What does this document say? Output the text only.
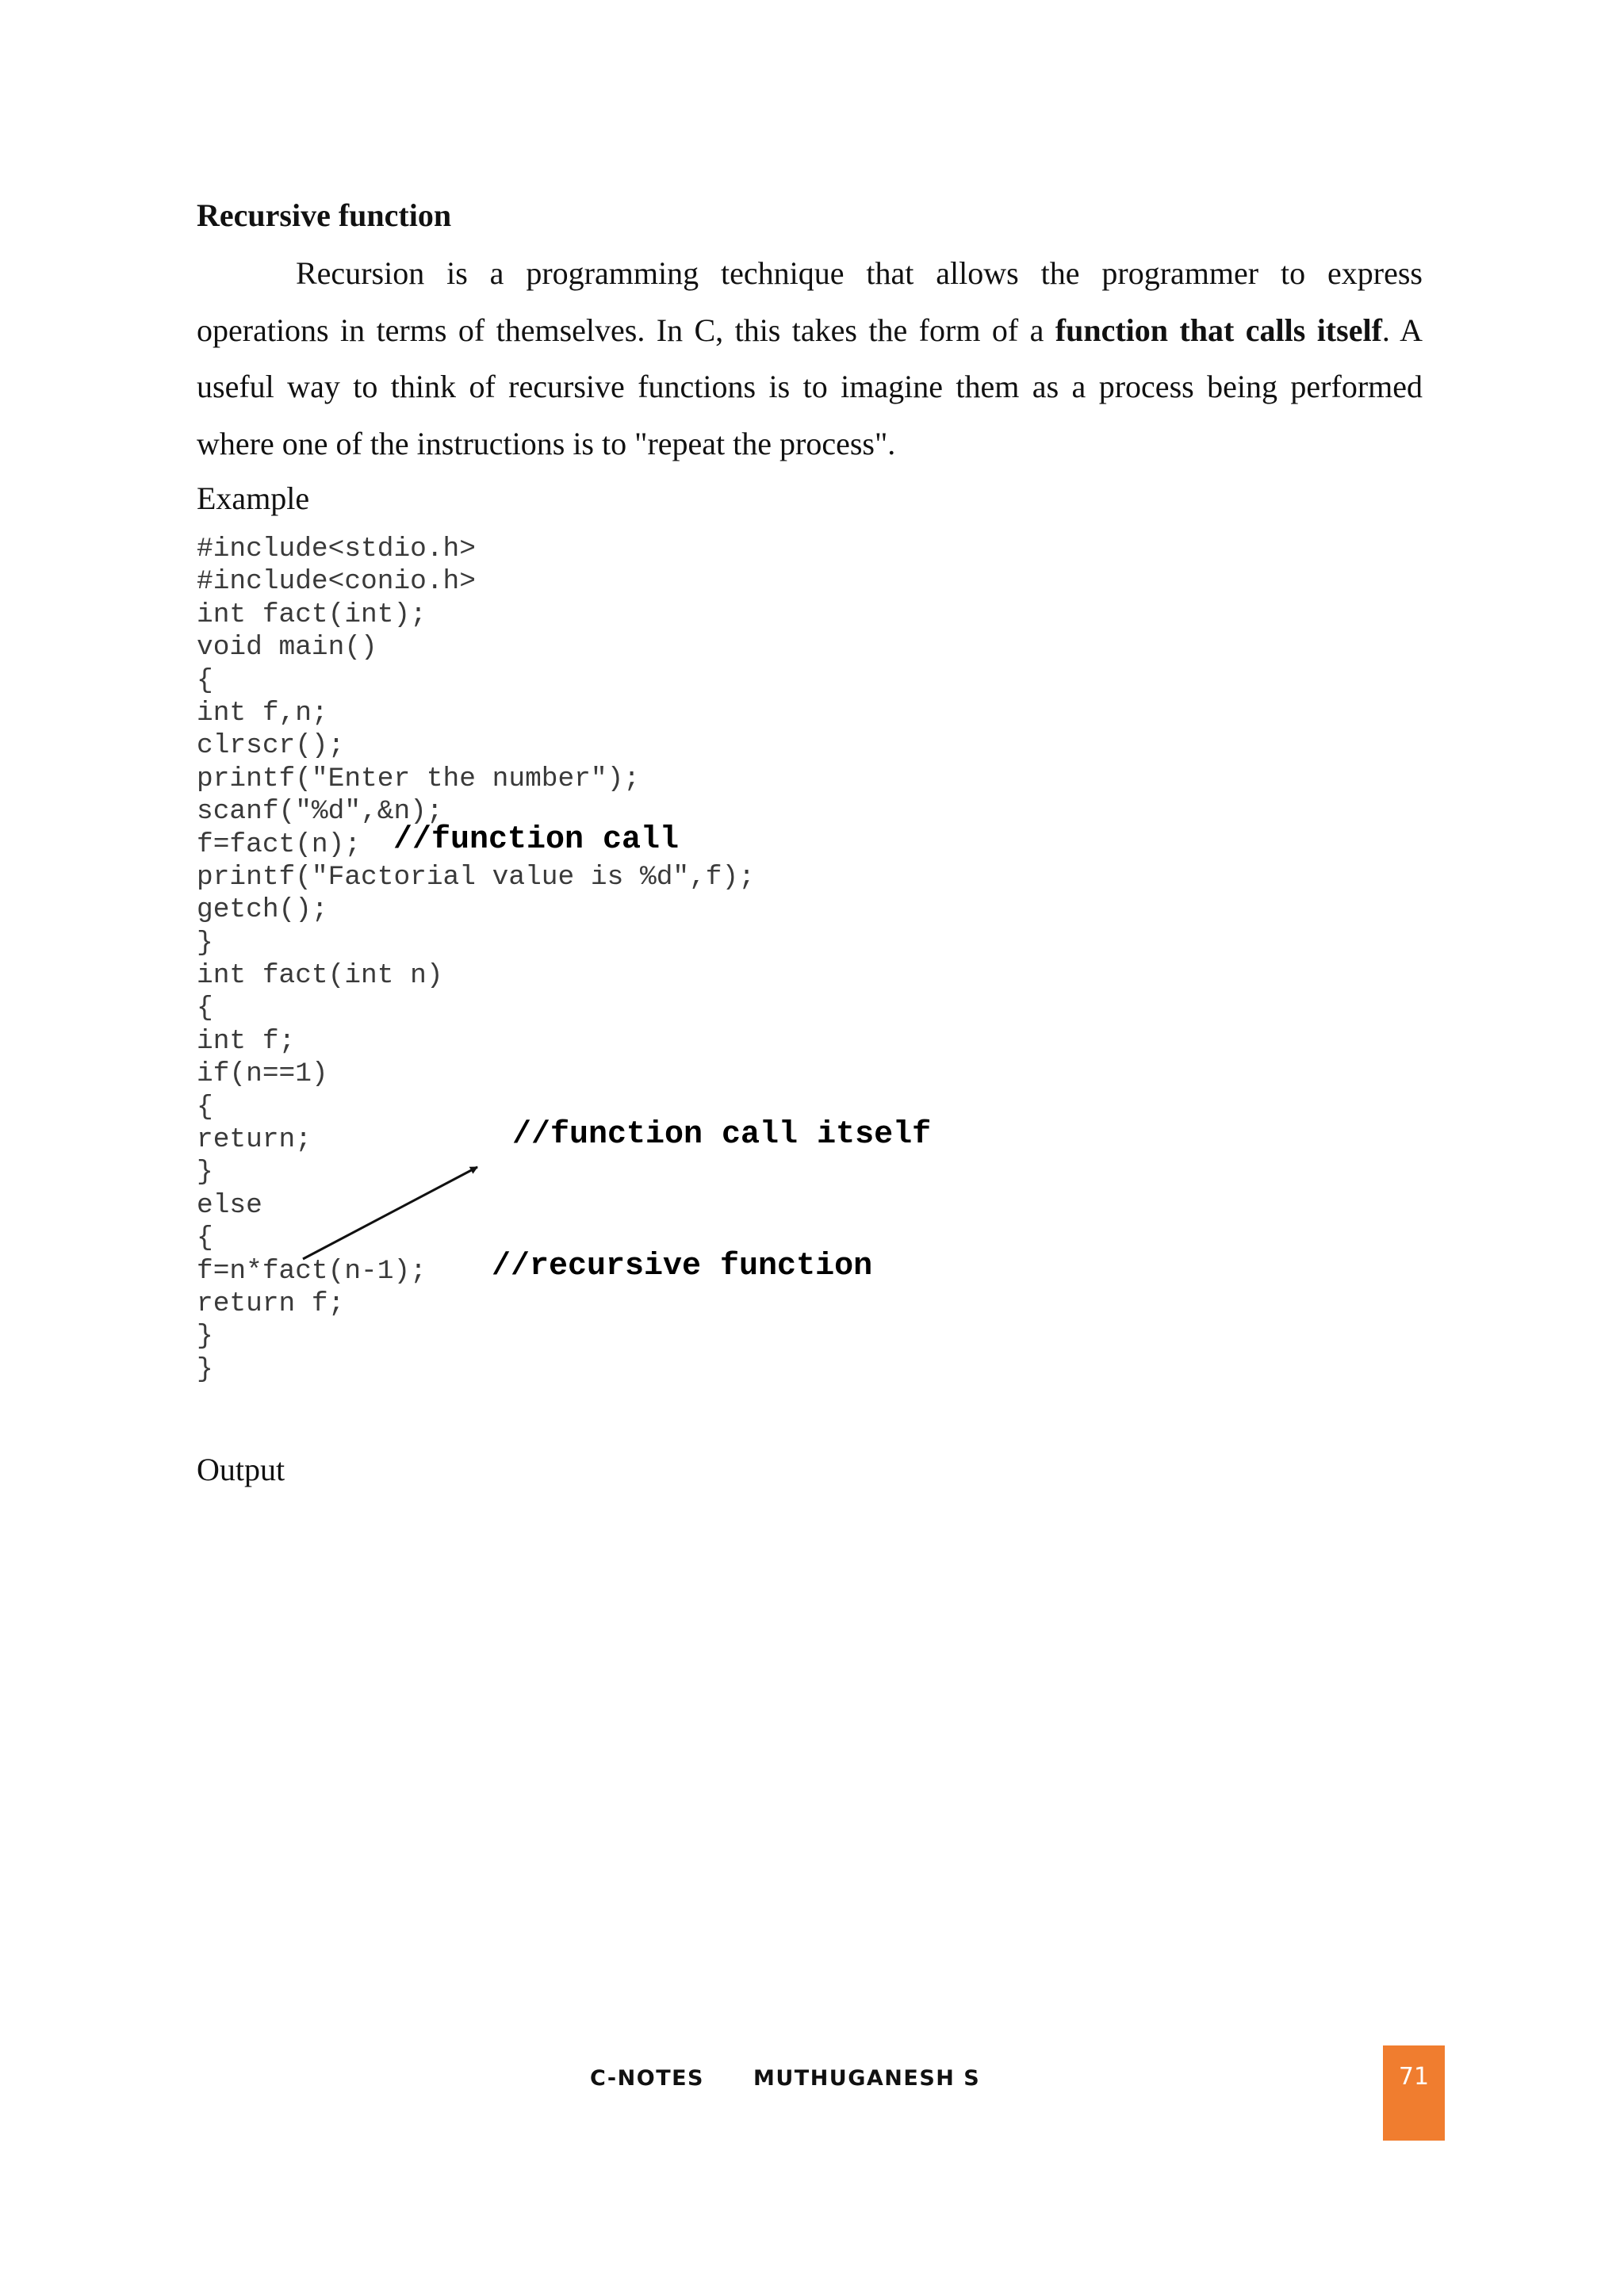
Recursive function
Recursion is a programming technique that allows the programmer to express
operations in terms of themselves. In C, this takes the form of a function that calls itself. A
useful way to think of recursive functions is to imagine them as a process being performed
where one of the instructions is to "repeat the process".
Example
#include<stdio.h>
#include<conio.h>
int fact(int);
void main()
{
int f,n;
clrscr();
printf("Enter the number");
scanf("%d",&n);
f=fact(n); //function call
printf("Factorial value is %d",f);
getch();
}
int fact(int n)
{
int f;
if(n==1)
{
return;	//function call itself
}
else
{
f=n*fact(n-1); //recursive function
return f;
}
}
Output
C-NOTES MUTHUGANESH S	71
